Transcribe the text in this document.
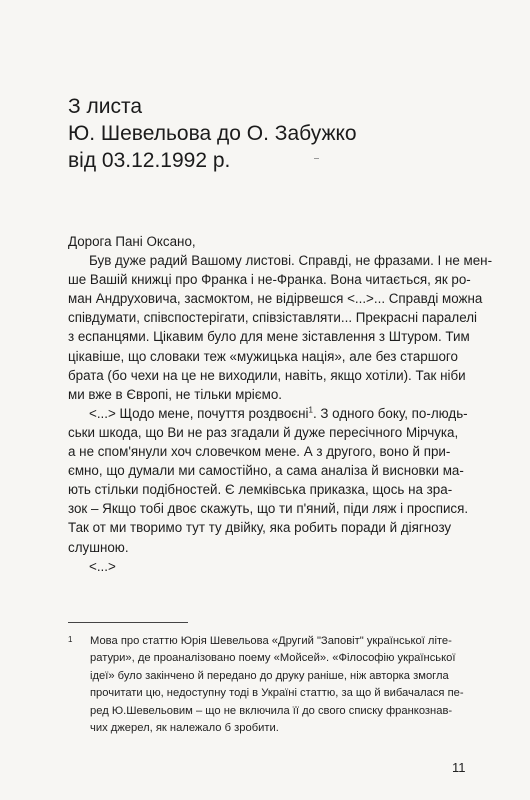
З листа
Ю. Шевельова до О. Забужко
від 03.12.1992 р.
Дорога Пані Оксано,
Був дуже радий Вашому листові. Справді, не фразами. І не мен-
ше Вашій книжці про Франка і не-Франка. Вона читається, як ро-
ман Андруховича, засмоктом, не відірвешся <...>... Справді можна
співдумати, співспостерігати, співзіставляти... Прекрасні паралелі
з еспанцями. Цікавим було для мене зіставлення з Штуром. Тим
цікавіше, що словаки теж «мужицька нація», але без старшого
брата (бо чехи на це не виходили, навіть, якщо хотіли). Так ніби
ми вже в Європі, не тільки мріємо.
<...> Щодо мене, почуття роздвоєні$^1$. З одного боку, по-людь-
ськи шкода, що Ви не раз згадали й дуже пересічного Мірчука,
а не спом'янули хоч словечком мене. А з другого, воно й при-
ємно, що думали ми самостійно, а сама аналіза й висновки ма-
ють стільки подібностей. Є лемківська приказка, щось на зра-
зок – Якщо тобі двоє скажуть, що ти п'яний, піди ляж і проспися.
Так от ми творимо тут ту двійку, яка робить поради й діягнозу
слушною.
<...>
1 Мова про статтю Юрія Шевельова «Другий "Заповіт" української літе-
ратури», де проаналізовано поему «Мойсей». «Філософію української
ідеї» було закінчено й передано до друку раніше, ніж авторка змогла
прочитати цю, недоступну тоді в Україні статтю, за що й вибачалася пе-
ред Ю.Шевельовим – що не включила її до свого списку франкознав-
чих джерел, як належало б зробити.
11
